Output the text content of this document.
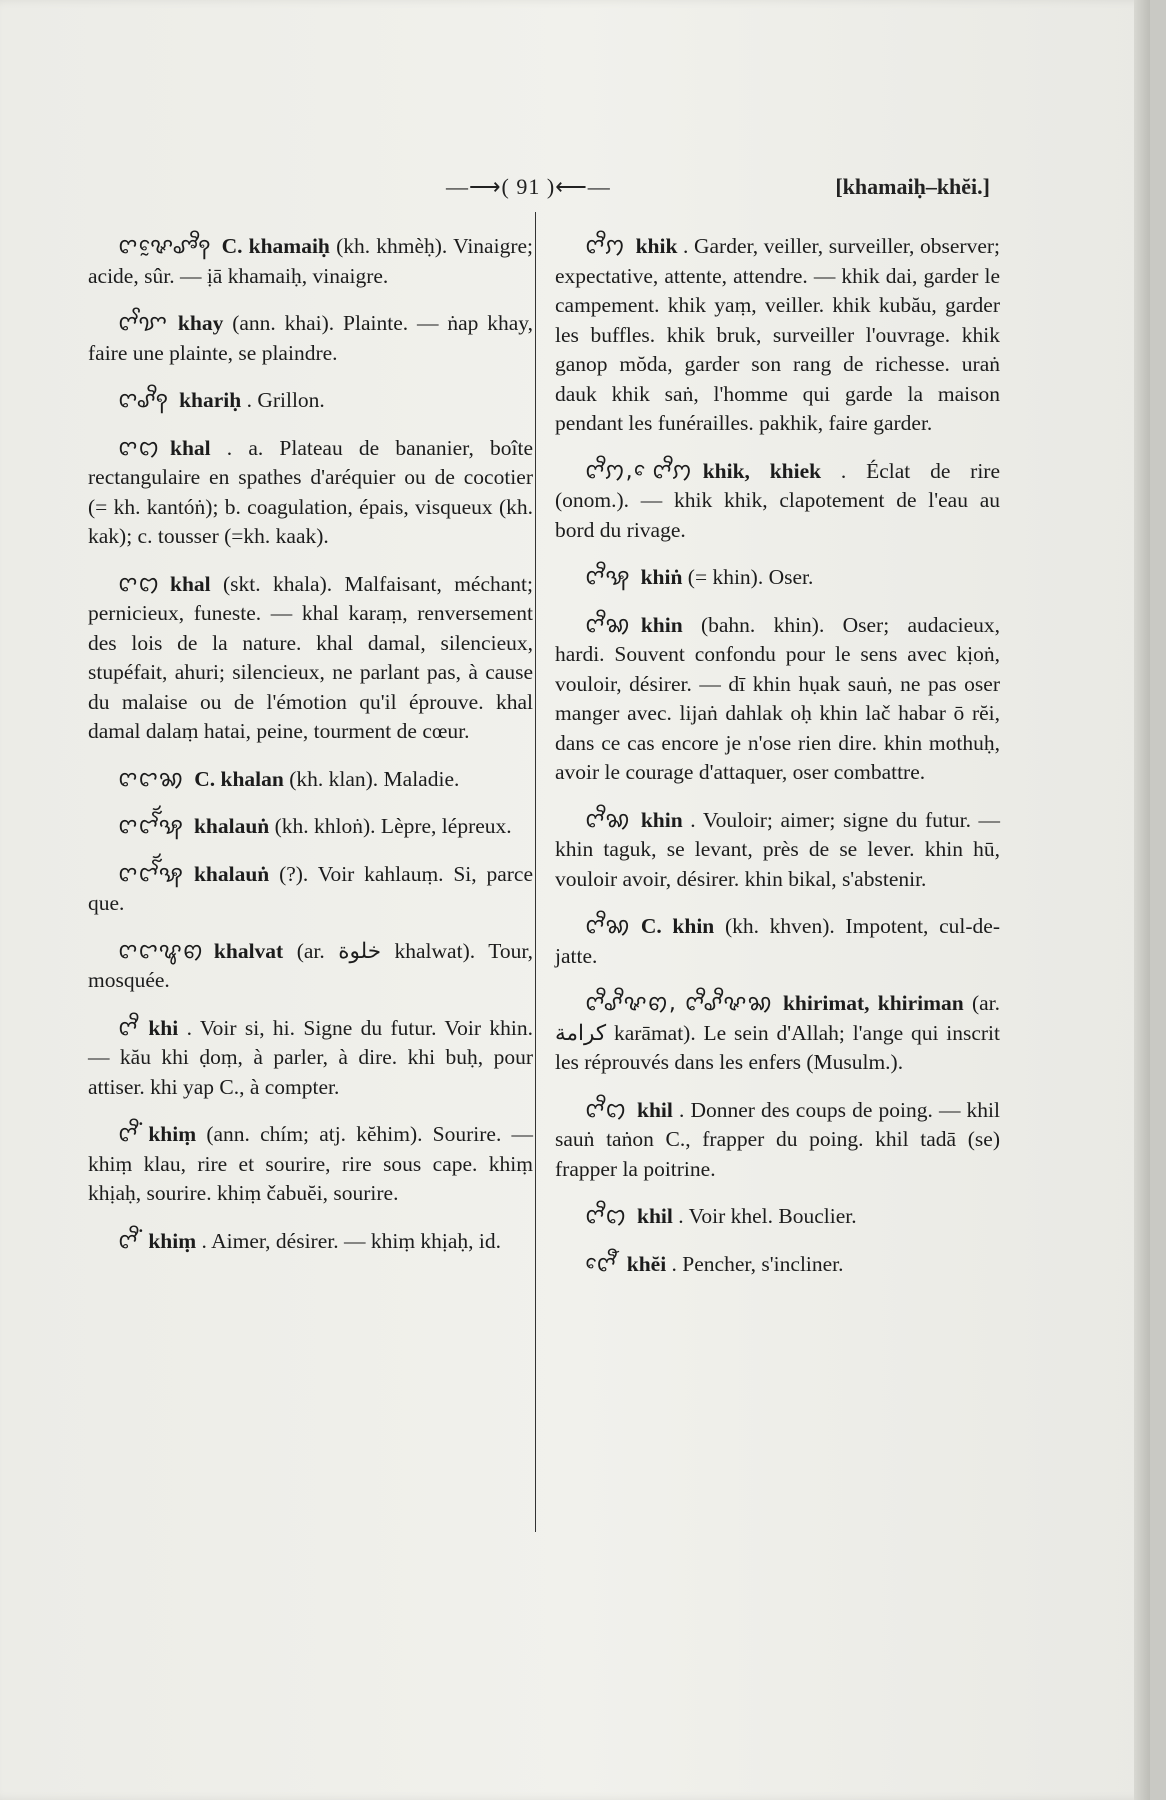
—⟶( 91 )⟵—	[khamaiḥ–khĕi.]

ꨈꨟꨰꨨꨪꩍ C. khamaiḥ (kh. khmèḥ). Vinaigre; acide, sûr. — ịā khamaiḥ, vinaigre.

ꨈꨩꨢ khay (ann. khai). Plainte. — ṅap khay, faire une plainte, se plaindre.

ꨈꨣꨪꩍ khariḥ . Grillon.

ꨈꩊ khal . a. Plateau de bananier, boîte rectangulaire en spathes d'aréquier ou de cocotier (= kh. kantóṅ); b. coagulation, épais, visqueux (kh. kak); c. tousser (=kh. kaak).

ꨈꩊ khal (skt. khala). Malfaisant, méchant; pernicieux, funeste. — khal karaṃ, renversement des lois de la nature. khal damal, silencieux, stupéfait, ahuri; silencieux, ne parlant pas, à cause du malaise ou de l'émotion qu'il éprouve. khal damal dalaṃ hatai, peine, tourment de cœur.

ꨈꨤꩆ C. khalan (kh. klan). Maladie.

ꨈꨤꨮꨱꩂ khalauṅ (kh. khloṅ). Lèpre, lépreux.

ꨈꨤꨮꨱꩂ khalauṅ (?). Voir kahlauṃ. Si, parce que.

ꨈꨤꨥꩅ khalvat (ar. خلوة khalwat). Tour, mosquée.

ꨈꨪ khi . Voir si, hi. Signe du futur. Voir khin. — kău khi ḍoṃ, à parler, à dire. khi buḥ, pour attiser. khi yap C., à compter.

ꨈꨪꩌ khiṃ (ann. chím; atj. kĕhim). Sourire. — khiṃ klau, rire et sourire, rire sous cape. khiṃ khịaḥ, sourire. khiṃ čabuĕi, sourire.

ꨈꨪꩌ khiṃ . Aimer, désirer. — khiṃ khịaḥ, id.

ꨈꨪꩀ khik . Garder, veiller, surveiller, observer; expectative, attente, attendre. — khik dai, garder le campement. khik yaṃ, veiller. khik kubău, garder les buffles. khik bruk, surveiller l'ouvrage. khik ganop mŏda, garder son rang de richesse. uraṅ dauk khik saṅ, l'homme qui garde la maison pendant les funérailles. pakhik, faire garder.

ꨈꨪꩀ, ꨯꨈꨪꩀ khik, khiek . Éclat de rire (onom.). — khik khik, clapotement de l'eau au bord du rivage.

ꨈꨪꩂ khiṅ (= khin). Oser.

ꨈꨪꩆ khin (bahn. khin). Oser; audacieux, hardi. Souvent confondu pour le sens avec kịoṅ, vouloir, désirer. — dī khin hụak sauṅ, ne pas oser manger avec. lijaṅ dahlak oḥ khin lač habar ō rĕi, dans ce cas encore je n'ose rien dire. khin mothuḥ, avoir le courage d'attaquer, oser combattre.

ꨈꨪꩆ khin . Vouloir; aimer; signe du futur. — khin taguk, se levant, près de se lever. khin hū, vouloir avoir, désirer. khin bikal, s'abstenir.

ꨈꨪꩆ C. khin (kh. khven). Impotent, cul-de-jatte.

ꨈꨪꨣꨪꨟꩅ, ꨈꨪꨣꨪꨟꩆ khirimat, khiriman (ar. كرامة karāmat). Le sein d'Allah; l'ange qui inscrit les réprouvés dans les enfers (Musulm.).

ꨈꨪꩊ khil . Donner des coups de poing. — khil sauṅ taṅon C., frapper du poing. khil tadā (se) frapper la poitrine.

ꨈꨪꩊ khil . Voir khel. Bouclier.

ꨈꨯꨬ khĕi . Pencher, s'incliner.
